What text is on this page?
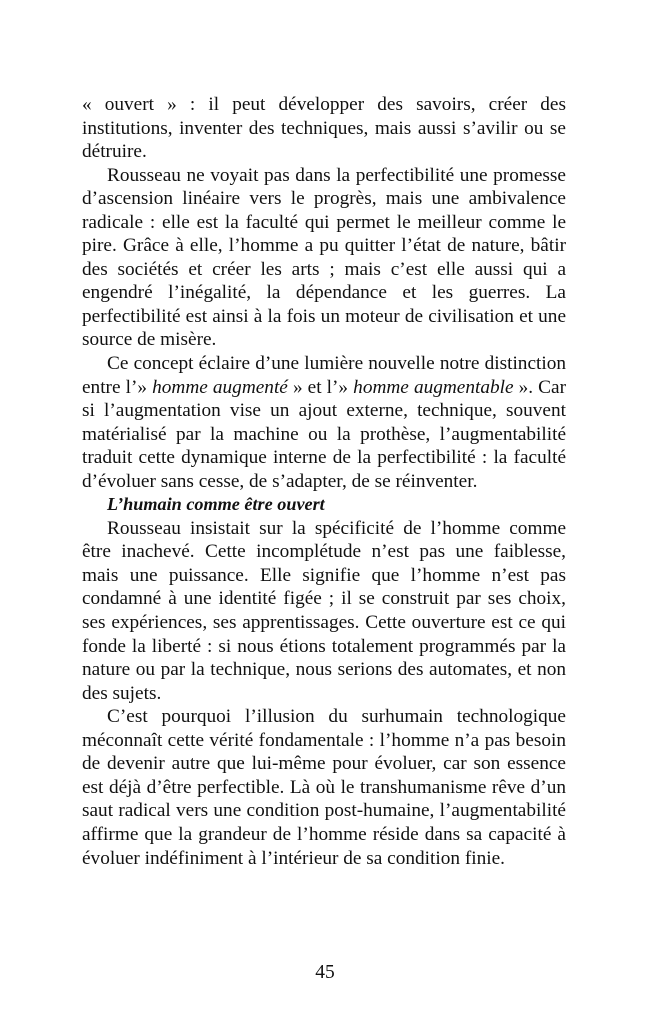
« ouvert » : il peut développer des savoirs, créer des institutions, inventer des techniques, mais aussi s’avilir ou se détruire.

Rousseau ne voyait pas dans la perfectibilité une promesse d’ascension linéaire vers le progrès, mais une ambivalence radicale : elle est la faculté qui permet le meilleur comme le pire. Grâce à elle, l’homme a pu quitter l’état de nature, bâtir des sociétés et créer les arts ; mais c’est elle aussi qui a engendré l’inégalité, la dépendance et les guerres. La perfectibilité est ainsi à la fois un moteur de civilisation et une source de misère.

Ce concept éclaire d’une lumière nouvelle notre distinction entre l’» homme augmenté » et l’» homme augmentable ». Car si l’augmentation vise un ajout externe, technique, souvent matérialisé par la machine ou la prothèse, l’augmentabilité traduit cette dynamique interne de la perfectibilité : la faculté d’évoluer sans cesse, de s’adapter, de se réinventer.

L’humain comme être ouvert

Rousseau insistait sur la spécificité de l’homme comme être inachevé. Cette incomplétude n’est pas une faiblesse, mais une puissance. Elle signifie que l’homme n’est pas condamné à une identité figée ; il se construit par ses choix, ses expériences, ses apprentissages. Cette ouverture est ce qui fonde la liberté : si nous étions totalement programmés par la nature ou par la technique, nous serions des automates, et non des sujets.

C’est pourquoi l’illusion du surhumain technologique méconnaît cette vérité fondamentale : l’homme n’a pas besoin de devenir autre que lui-même pour évoluer, car son essence est déjà d’être perfectible. Là où le transhumanisme rêve d’un saut radical vers une condition post-humaine, l’augmentabilité affirme que la grandeur de l’homme réside dans sa capacité à évoluer indéfiniment à l’intérieur de sa condition finie.

45
